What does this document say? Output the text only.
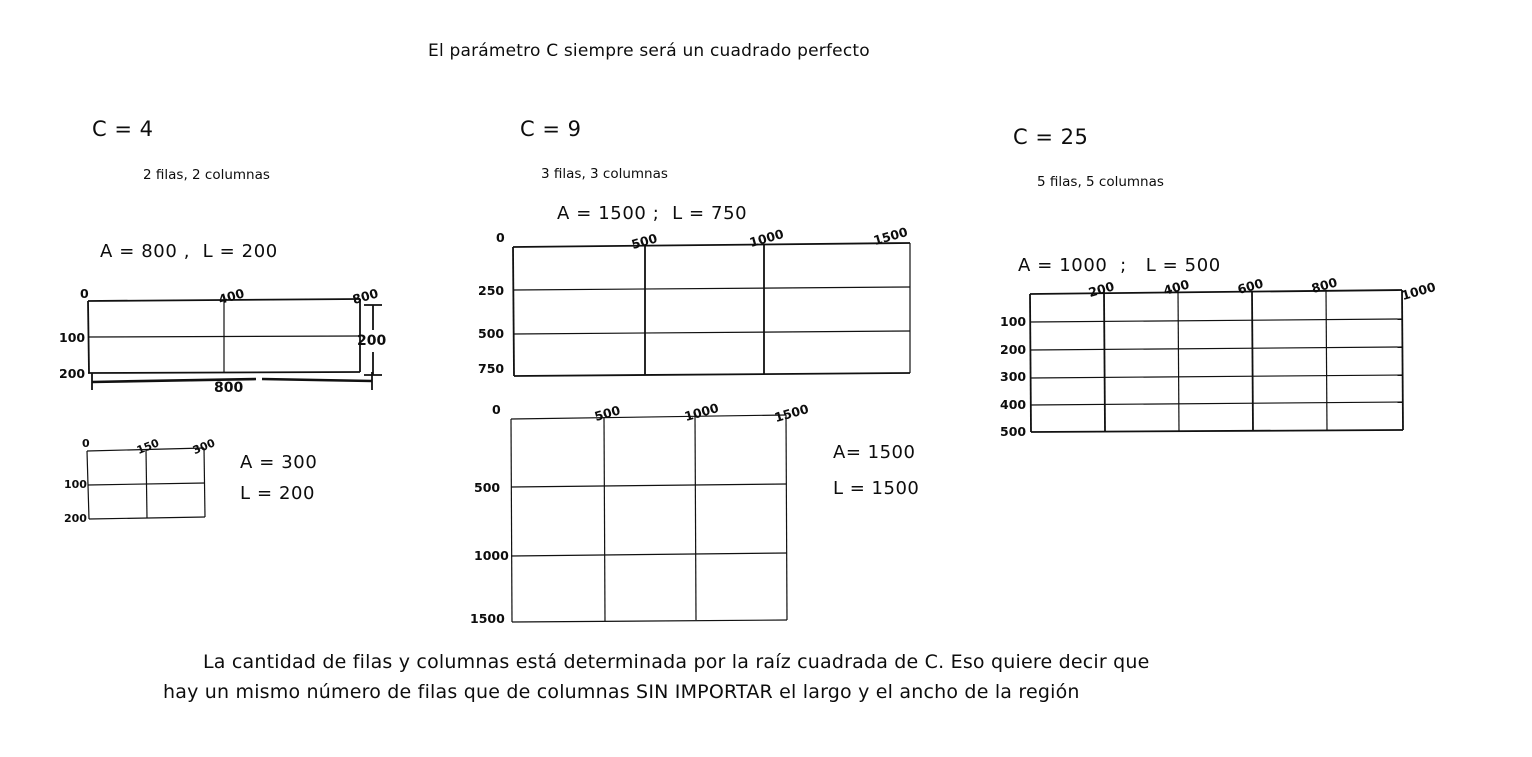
El parámetro C siempre será un cuadrado perfecto
C = 4
2 filas, 2 columnas
A = 800 ,  L = 200
0	400	800
100
200
800
200
0	150	300
100
200
A = 300
L = 200
C = 9
3 filas, 3 columnas
A = 1500 ;  L = 750
0	500	1000	1500
250
500
750
0	500	1000	1500
500
1000
1500
A= 1500
L = 1500
C = 25
5 filas, 5 columnas
A = 1000  ;   L = 500
200	400	600	800	1000
100
200
300
400
500
La cantidad de filas y columnas está determinada por la raíz cuadrada de C. Eso quiere decir que
hay un mismo número de filas que de columnas SIN IMPORTAR el largo y el ancho de la región
